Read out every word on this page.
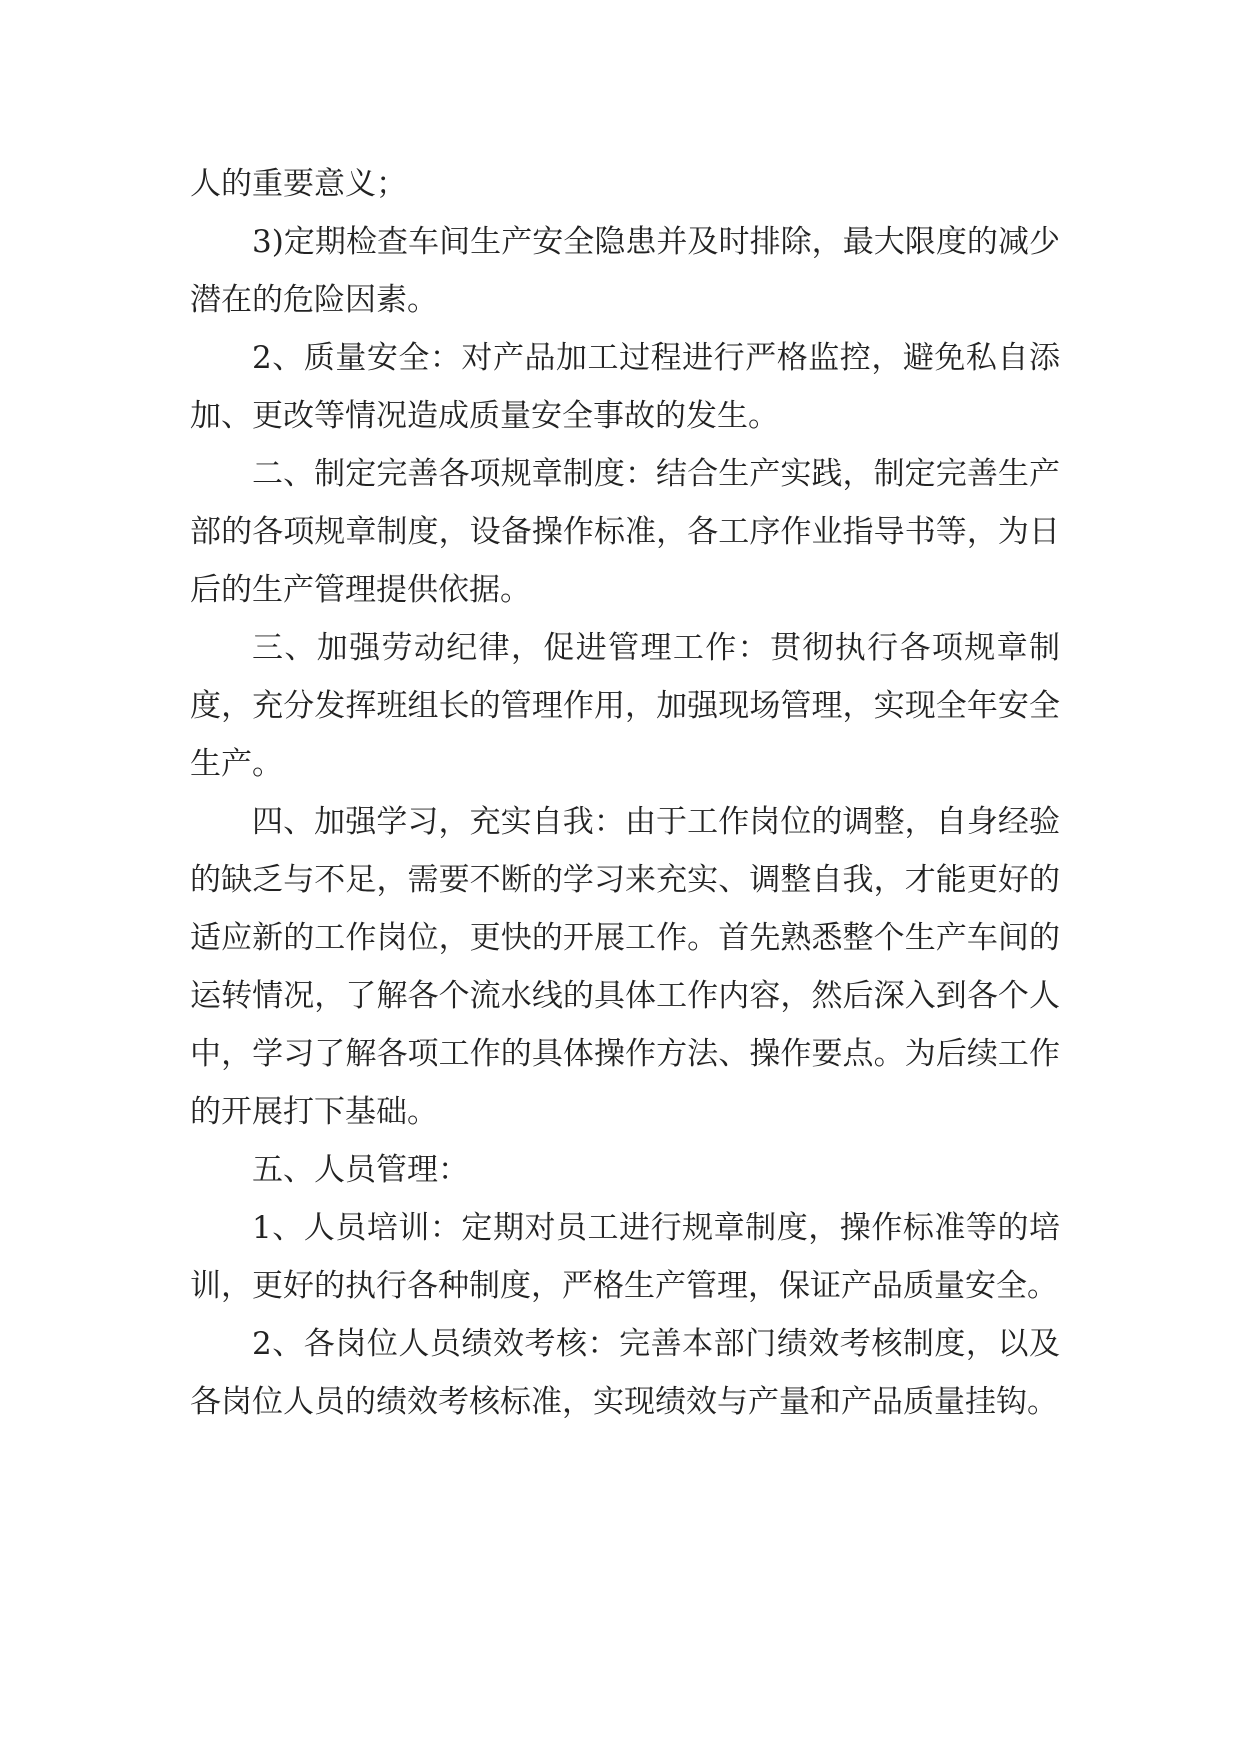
人的重要意义；

3)定期检查车间生产安全隐患并及时排除，最大限度的减少潜在的危险因素。

2、质量安全：对产品加工过程进行严格监控，避免私自添加、更改等情况造成质量安全事故的发生。

二、制定完善各项规章制度：结合生产实践，制定完善生产部的各项规章制度，设备操作标准，各工序作业指导书等，为日后的生产管理提供依据。

三、加强劳动纪律，促进管理工作：贯彻执行各项规章制度，充分发挥班组长的管理作用，加强现场管理，实现全年安全生产。

四、加强学习，充实自我：由于工作岗位的调整，自身经验的缺乏与不足，需要不断的学习来充实、调整自我，才能更好的适应新的工作岗位，更快的开展工作。首先熟悉整个生产车间的运转情况，了解各个流水线的具体工作内容，然后深入到各个人中，学习了解各项工作的具体操作方法、操作要点。为后续工作的开展打下基础。

五、人员管理：

1、人员培训：定期对员工进行规章制度，操作标准等的培训，更好的执行各种制度，严格生产管理，保证产品质量安全。

2、各岗位人员绩效考核：完善本部门绩效考核制度，以及各岗位人员的绩效考核标准，实现绩效与产量和产品质量挂钩。
